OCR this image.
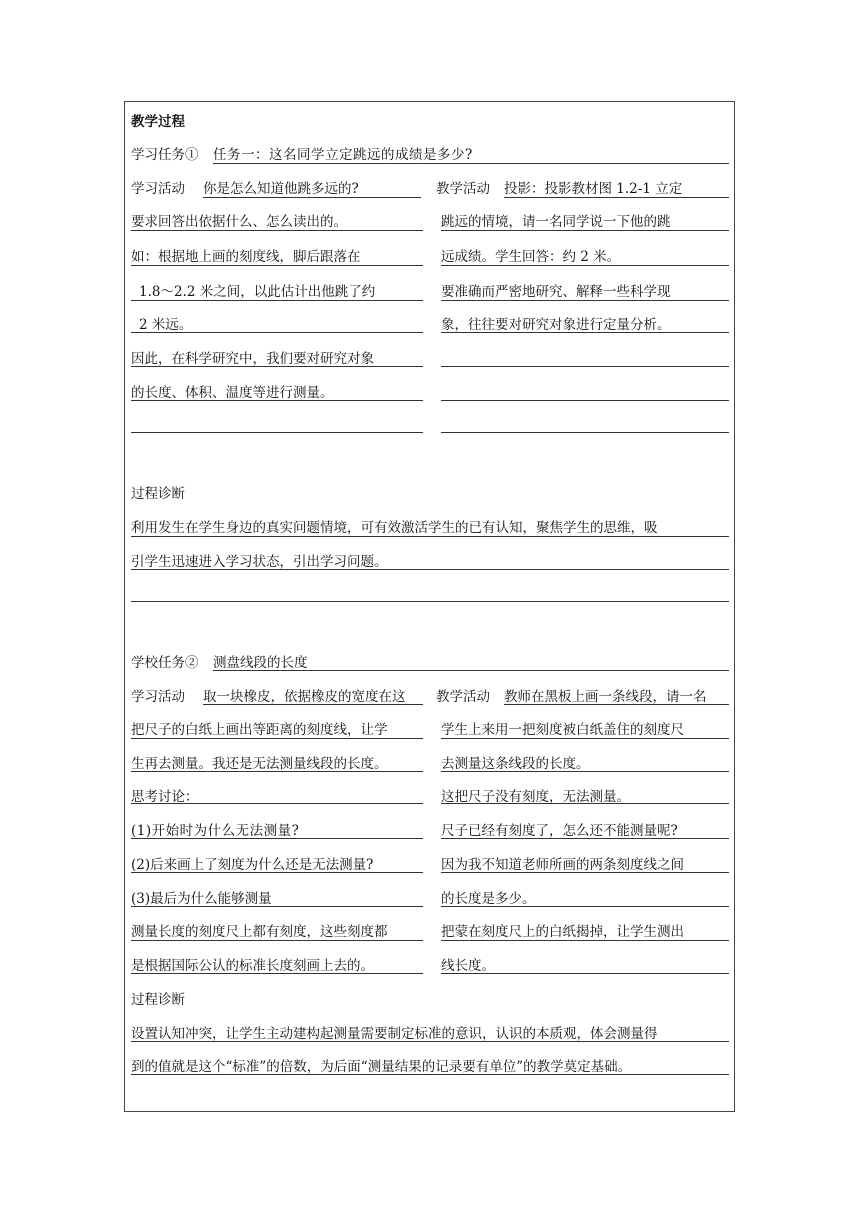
教学过程
学习任务① 任务一：这名同学立定跳远的成绩是多少?
学习活动 你是怎么知道他跳多远的?
要求回答出依据什么、怎么读出的。
如：根据地上画的刻度线，脚后跟落在
1.8～2.2 米之间，以此估计出他跳了约
2 米远。
因此，在科学研究中，我们要对研究对象
的长度、体积、温度等进行测量。
教学活动 投影：投影教材图 1.2-1 立定
跳远的情境，请一名同学说一下他的跳
远成绩。学生回答：约 2 米。
要准确而严密地研究、解释一些科学现
象，往往要对研究对象进行定量分析。
过程诊断
利用发生在学生身边的真实问题情境，可有效激活学生的已有认知，聚焦学生的思维，吸
引学生迅速进入学习状态，引出学习问题。
学校任务② 测盘线段的长度
学习活动 取一块橡皮，依据橡皮的宽度在这
把尺子的白纸上画出等距离的刻度线，让学
生再去测量。我还是无法测量线段的长度。
思考讨论：
(1)开始时为什么无法测量?
(2)后来画上了刻度为什么还是无法测量?
(3)最后为什么能够测量
测量长度的刻度尺上都有刻度，这些刻度都
是根据国际公认的标准长度刻画上去的。
教学活动 教师在黑板上画一条线段，请一名
学生上来用一把刻度被白纸盖住的刻度尺
去测量这条线段的长度。
这把尺子没有刻度，无法测量。
尺子已经有刻度了，怎么还不能测量呢?
因为我不知道老师所画的两条刻度线之间
的长度是多少。
把蒙在刻度尺上的白纸揭掉，让学生测出
线长度。
过程诊断
设置认知冲突，让学生主动建构起测量需要制定标准的意识，认识的本质观，体会测量得
到的值就是这个“标准”的倍数，为后面“测量结果的记录要有单位”的教学莫定基础。
